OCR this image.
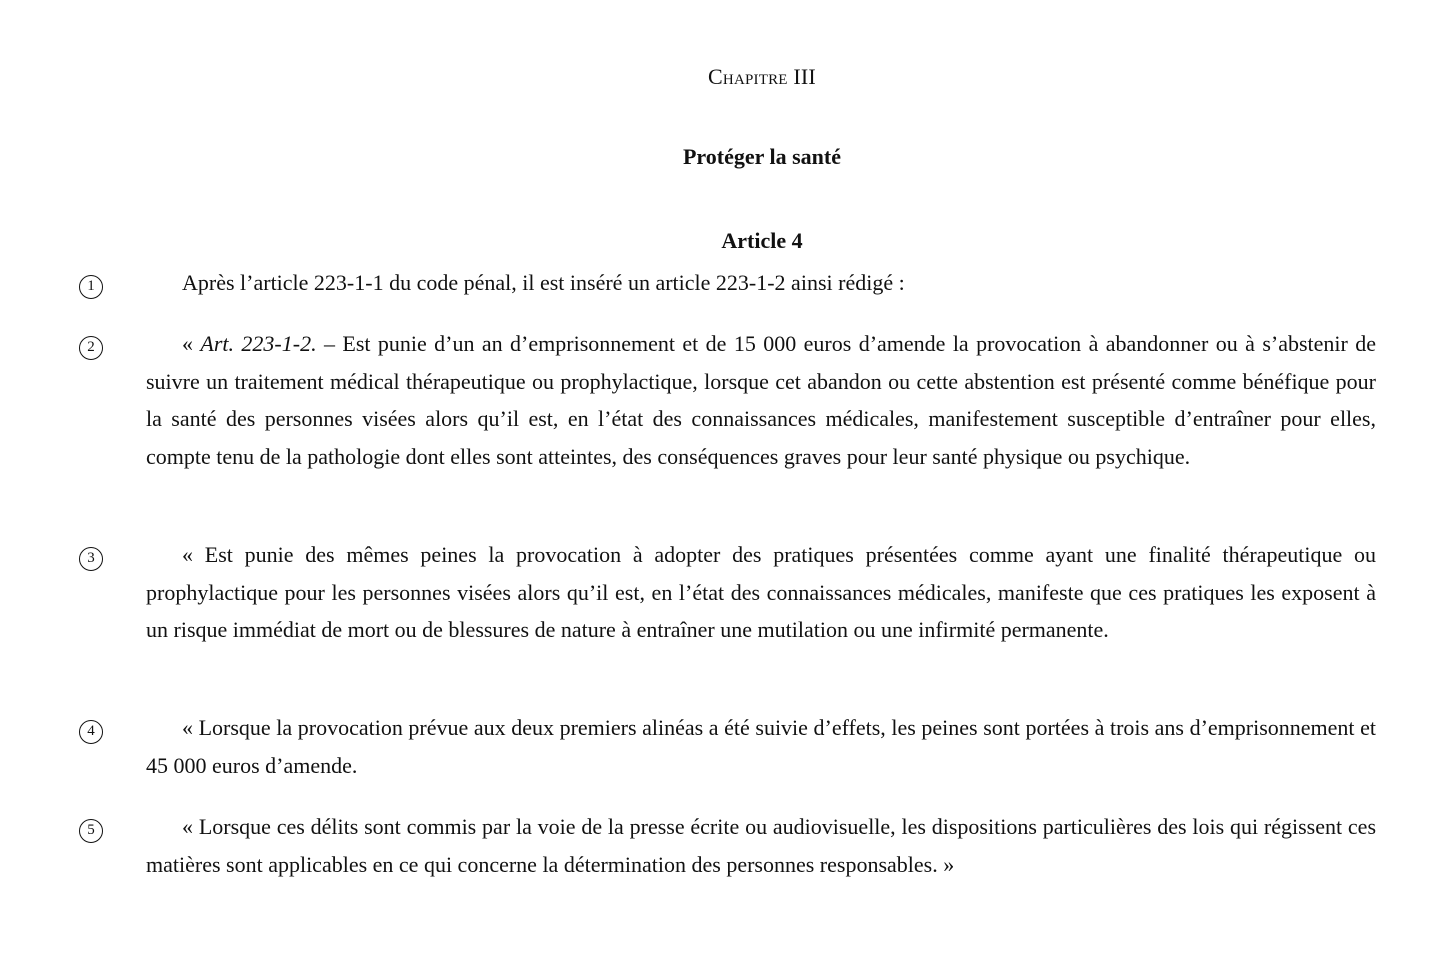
Chapitre III
Protéger la santé
Article 4
1	Après l’article 223-1-1 du code pénal, il est inséré un article 223-1-2 ainsi rédigé :

2	« Art. 223-1-2. – Est punie d’un an d’emprisonnement et de 15 000 euros d’amende la provocation à abandonner ou à s’abstenir de suivre un traitement médical thérapeutique ou prophylactique, lorsque cet abandon ou cette abstention est présenté comme bénéfique pour la santé des personnes visées alors qu’il est, en l’état des connaissances médicales, manifestement susceptible d’entraîner pour elles, compte tenu de la pathologie dont elles sont atteintes, des conséquences graves pour leur santé physique ou psychique.

3	« Est punie des mêmes peines la provocation à adopter des pratiques présentées comme ayant une finalité thérapeutique ou prophylactique pour les personnes visées alors qu’il est, en l’état des connaissances médicales, manifeste que ces pratiques les exposent à un risque immédiat de mort ou de blessures de nature à entraîner une mutilation ou une infirmité permanente.

4	« Lorsque la provocation prévue aux deux premiers alinéas a été suivie d’effets, les peines sont portées à trois ans d’emprisonnement et 45 000 euros d’amende.

5	« Lorsque ces délits sont commis par la voie de la presse écrite ou audiovisuelle, les dispositions particulières des lois qui régissent ces matières sont applicables en ce qui concerne la détermination des personnes responsables. »
